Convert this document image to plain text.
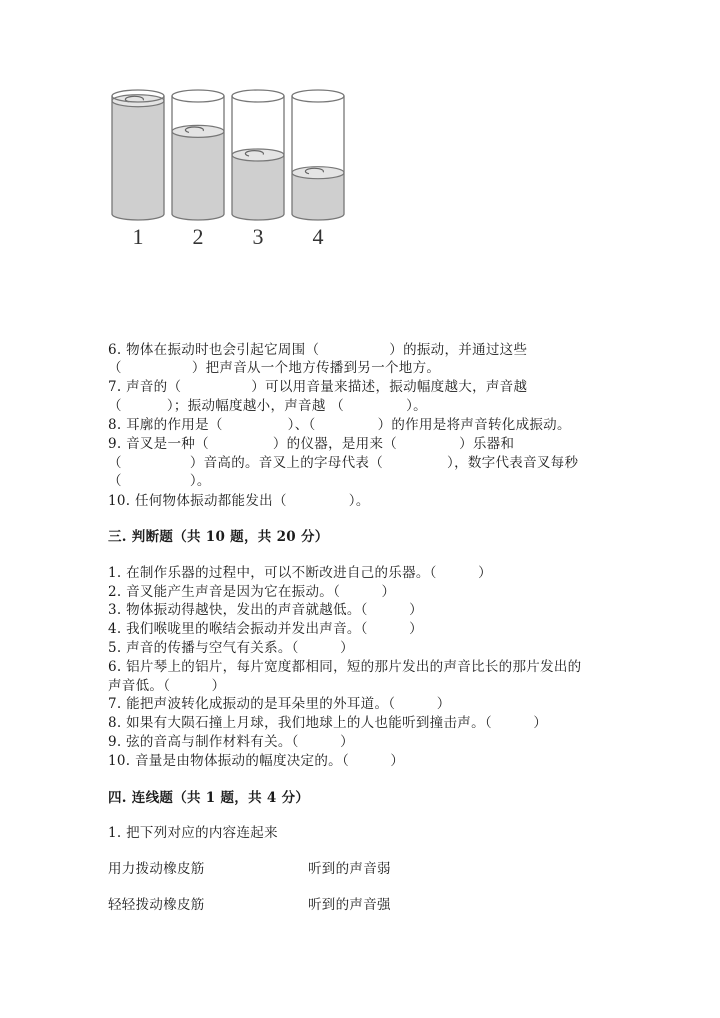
1 2 3 4
6. 物体在振动时也会引起它周围（	）的振动，并通过这些
（	）把声音从一个地方传播到另一个地方。
7. 声音的（	）可以用音量来描述，振动幅度越大，声音越
（	）；振动幅度越小，声音越 （	）。
8. 耳廓的作用是（	）、（	）的作用是将声音转化成振动。
9. 音叉是一种（	）的仪器，是用来（	）乐器和
（	）音高的。音叉上的字母代表（	），数字代表音叉每秒
（	）。
10. 任何物体振动都能发出（	）。
三. 判断题（共 10 题，共 20 分）
1. 在制作乐器的过程中，可以不断改进自己的乐器。（　　　）
2. 音叉能产生声音是因为它在振动。（　　　）
3. 物体振动得越快，发出的声音就越低。（　　　）
4. 我们喉咙里的喉结会振动并发出声音。（　　　）
5. 声音的传播与空气有关系。（　　　）
6. 铝片琴上的铝片，每片宽度都相同，短的那片发出的声音比长的那片发出的
声音低。（　　　）
7. 能把声波转化成振动的是耳朵里的外耳道。（　　　）
8. 如果有大陨石撞上月球，我们地球上的人也能听到撞击声。（　　　）
9. 弦的音高与制作材料有关。（　　　）
10. 音量是由物体振动的幅度决定的。（　　　）
四. 连线题（共 1 题，共 4 分）
1. 把下列对应的内容连起来
用力拨动橡皮筋	听到的声音弱
轻轻拨动橡皮筋	听到的声音强
